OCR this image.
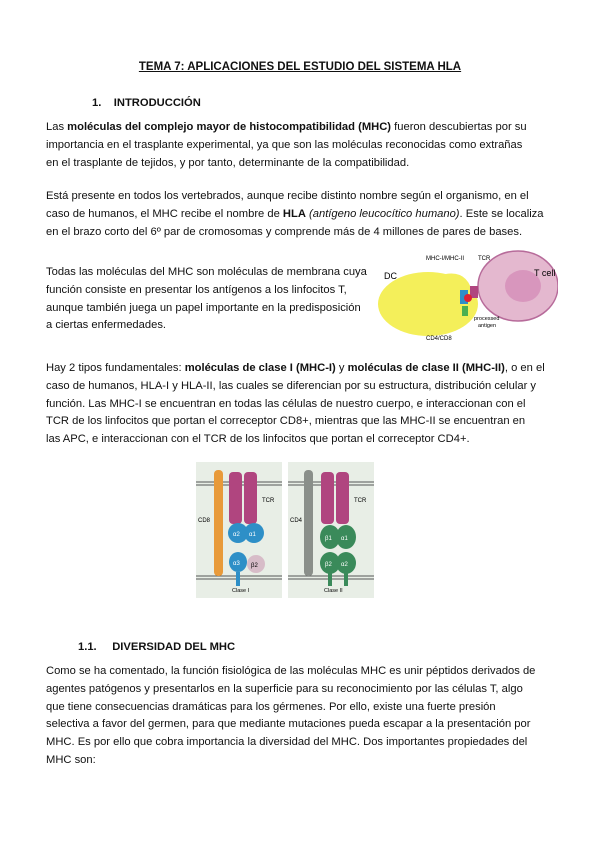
TEMA 7: APLICACIONES DEL ESTUDIO DEL SISTEMA HLA
1. INTRODUCCIÓN

Las moléculas del complejo mayor de histocompatibilidad (MHC) fueron descubiertas por su
importancia en el trasplante experimental, ya que son las moléculas reconocidas como extrañas
en el trasplante de tejidos, y por tanto, determinante de la compatibilidad.

Está presente en todos los vertebrados, aunque recibe distinto nombre según el organismo, en el
caso de humanos, el MHC recibe el nombre de HLA (antígeno leucocítico humano). Este se localiza
en el brazo corto del 6º par de cromosomas y comprende más de 4 millones de pares de bases.

Todas las moléculas del MHC son moléculas de membrana cuya
función consiste en presentar los antígenos a los linfocitos T,
aunque también juega un papel importante en la predisposición
a ciertas enfermedades.

DC
MHC-I/MHC-II TCR
T cell
CD4/CD8
processed
antigen

Hay 2 tipos fundamentales: moléculas de clase I (MHC-I) y moléculas de clase II (MHC-II), o en el
caso de humanos, HLA-I y HLA-II, las cuales se diferencian por su estructura, distribución celular y
función. Las MHC-I se encuentran en todas las células de nuestro cuerpo, e interaccionan con el
TCR de los linfocitos que portan el correceptor CD8+, mientras que las MHC-II se encuentran en
las APC, e interaccionan con el TCR de los linfocitos que portan el correceptor CD4+.

CD8
TCR
α2 α1
α3 β2
Clase I
CD4
TCR
β1 α1
β2 α2
Clase II
1.1. DIVERSIDAD DEL MHC

Como se ha comentado, la función fisiológica de las moléculas MHC es unir péptidos derivados de
agentes patógenos y presentarlos en la superficie para su reconocimiento por las células T, algo
que tiene consecuencias dramáticas para los gérmenes. Por ello, existe una fuerte presión
selectiva a favor del germen, para que mediante mutaciones pueda escapar a la presentación por
MHC. Es por ello que cobra importancia la diversidad del MHC. Dos importantes propiedades del
MHC son:
